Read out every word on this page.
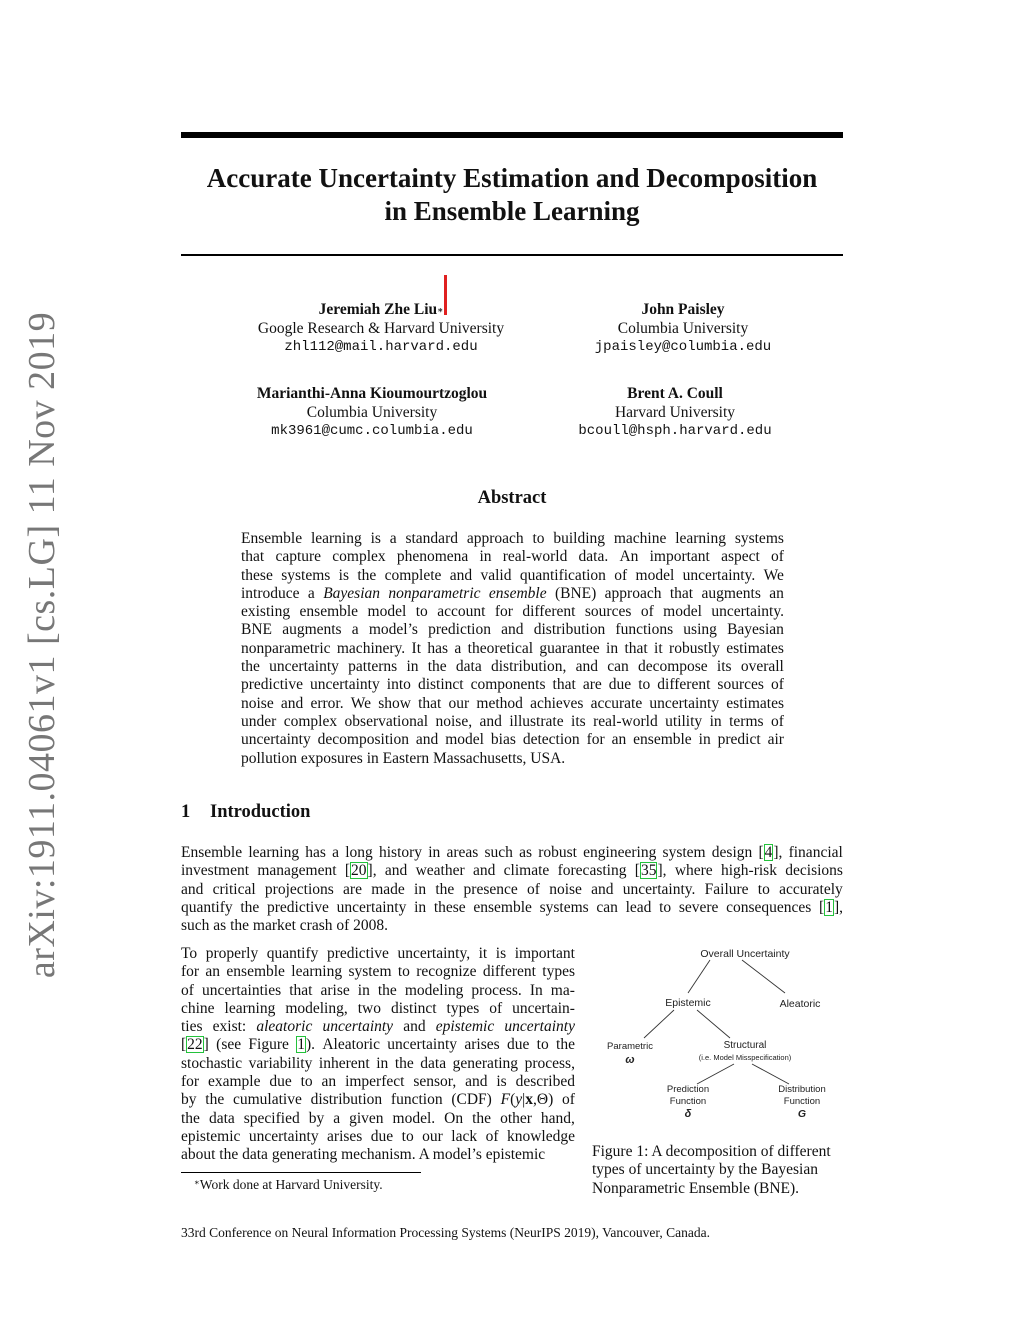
arXiv:1911.04061v1 [cs.LG] 11 Nov 2019
Accurate Uncertainty Estimation and Decomposition
in Ensemble Learning
Jeremiah Zhe Liu∗
Google Research & Harvard University
zhl112@mail.harvard.edu
John Paisley
Columbia University
jpaisley@columbia.edu
Marianthi-Anna Kioumourtzoglou
Columbia University
mk3961@cumc.columbia.edu
Brent A. Coull
Harvard University
bcoull@hsph.harvard.edu
Abstract
Ensemble learning is a standard approach to building machine learning systems
that capture complex phenomena in real-world data. An important aspect of
these systems is the complete and valid quantification of model uncertainty. We
introduce a Bayesian nonparametric ensemble (BNE) approach that augments an
existing ensemble model to account for different sources of model uncertainty.
BNE augments a model’s prediction and distribution functions using Bayesian
nonparametric machinery. It has a theoretical guarantee in that it robustly estimates
the uncertainty patterns in the data distribution, and can decompose its overall
predictive uncertainty into distinct components that are due to different sources of
noise and error. We show that our method achieves accurate uncertainty estimates
under complex observational noise, and illustrate its real-world utility in terms of
uncertainty decomposition and model bias detection for an ensemble in predict air
pollution exposures in Eastern Massachusetts, USA.
1 Introduction
Ensemble learning has a long history in areas such as robust engineering system design [4], financial
investment management [20], and weather and climate forecasting [35], where high-risk decisions
and critical projections are made in the presence of noise and uncertainty. Failure to accurately
quantify the predictive uncertainty in these ensemble systems can lead to severe consequences [1],
such as the market crash of 2008.
To properly quantify predictive uncertainty, it is important
for an ensemble learning system to recognize different types
of uncertainties that arise in the modeling process. In ma-
chine learning modeling, two distinct types of uncertain-
ties exist: aleatoric uncertainty and epistemic uncertainty
[22] (see Figure 1). Aleatoric uncertainty arises due to the
stochastic variability inherent in the data generating process,
for example due to an imperfect sensor, and is described
by the cumulative distribution function (CDF) F(y|x,Θ) of
the data specified by a given model. On the other hand,
epistemic uncertainty arises due to our lack of knowledge
about the data generating mechanism. A model’s epistemic
Overall Uncertainty
Epistemic	Aleatoric
Parametric
ω
Structural
(i.e. Model Misspecification)
Prediction
Function
δ
Distribution
Function
G
Figure 1: A decomposition of different types of uncertainty by the Bayesian Nonparametric Ensemble (BNE).
∗Work done at Harvard University.
33rd Conference on Neural Information Processing Systems (NeurIPS 2019), Vancouver, Canada.
